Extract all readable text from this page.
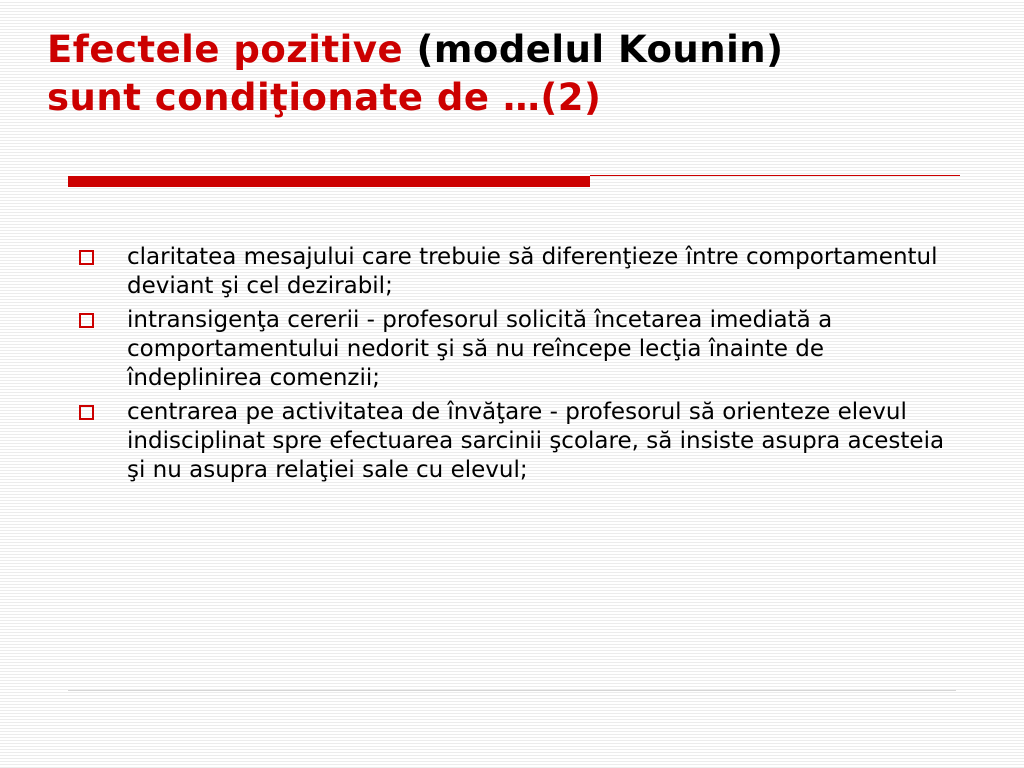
Efectele pozitive (modelul Kounin)
sunt condiţionate de …(2)
claritatea mesajului care trebuie să diferenţieze între comportamentul deviant şi cel dezirabil;
intransigenţa cererii - profesorul solicită încetarea imediată a comportamentului nedorit şi să nu reîncepe lecţia înainte de îndeplinirea comenzii;
centrarea pe activitatea de învăţare - profesorul să orienteze elevul indisciplinat spre efectuarea sarcinii şcolare, să insiste asupra acesteia şi nu asupra relaţiei sale cu elevul;
